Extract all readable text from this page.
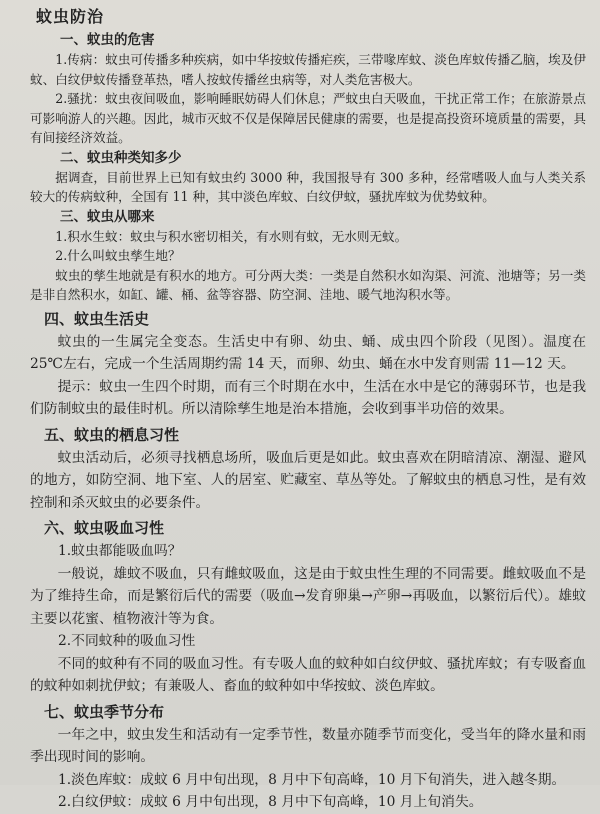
蚊虫防治
一、蚊虫的危害

1.传病：蚊虫可传播多种疾病，如中华按蚊传播疟疾，三带喙库蚊、淡色库蚊传播乙脑，埃及伊蚊、白纹伊蚊传播登革热，嗜人按蚊传播丝虫病等，对人类危害极大。

2.骚扰：蚊虫夜间吸血，影响睡眠妨碍人们休息；严蚊虫白天吸血，干扰正常工作；在旅游景点可影响游人的兴趣。因此，城市灭蚊不仅是保障居民健康的需要，也是提高投资环境质量的需要，具有间接经济效益。

二、蚊虫种类知多少

据调查，目前世界上已知有蚊虫约 3000 种，我国报导有 300 多种，经常嗜吸人血与人类关系较大的传病蚊种，全国有 11 种，其中淡色库蚊、白纹伊蚊，骚扰库蚊为优势蚊种。

三、蚊虫从哪来

1.积水生蚊：蚊虫与积水密切相关，有水则有蚊，无水则无蚊。

2.什么叫蚊虫孳生地？

蚊虫的孳生地就是有积水的地方。可分两大类：一类是自然积水如沟渠、河流、池塘等；另一类是非自然积水，如缸、罐、桶、盆等容器、防空洞、洼地、暖气地沟积水等。

四、蚊虫生活史

蚊虫的一生属完全变态。生活史中有卵、幼虫、蛹、成虫四个阶段（见图）。温度在 25℃左右，完成一个生活周期约需 14 天，而卵、幼虫、蛹在水中发育则需 11—12 天。

提示：蚊虫一生四个时期，而有三个时期在水中，生活在水中是它的薄弱环节，也是我们防制蚊虫的最佳时机。所以清除孳生地是治本措施，会收到事半功倍的效果。

五、蚊虫的栖息习性

蚊虫活动后，必须寻找栖息场所，吸血后更是如此。蚊虫喜欢在阴暗清凉、潮湿、避风的地方，如防空洞、地下室、人的居室、贮藏室、草丛等处。了解蚊虫的栖息习性，是有效控制和杀灭蚊虫的必要条件。

六、蚊虫吸血习性

1.蚊虫都能吸血吗？

一般说，雄蚊不吸血，只有雌蚊吸血，这是由于蚊虫性生理的不同需要。雌蚊吸血不是为了维持生命，而是繁衍后代的需要（吸血→发育卵巢→产卵→再吸血，以繁衍后代）。雄蚊主要以花蜜、植物液汁等为食。

2.不同蚊种的吸血习性

不同的蚊种有不同的吸血习性。有专吸人血的蚊种如白纹伊蚊、骚扰库蚊；有专吸畜血的蚊种如刺扰伊蚊；有兼吸人、畜血的蚊种如中华按蚊、淡色库蚊。

七、蚊虫季节分布

一年之中，蚊虫发生和活动有一定季节性，数量亦随季节而变化，受当年的降水量和雨季出现时间的影响。

1.淡色库蚊：成蚊 6 月中旬出现，8 月中下旬高峰，10 月下旬消失，进入越冬期。

2.白纹伊蚊：成蚊 6 月中旬出现，8 月中下旬高峰，10 月上旬消失。
